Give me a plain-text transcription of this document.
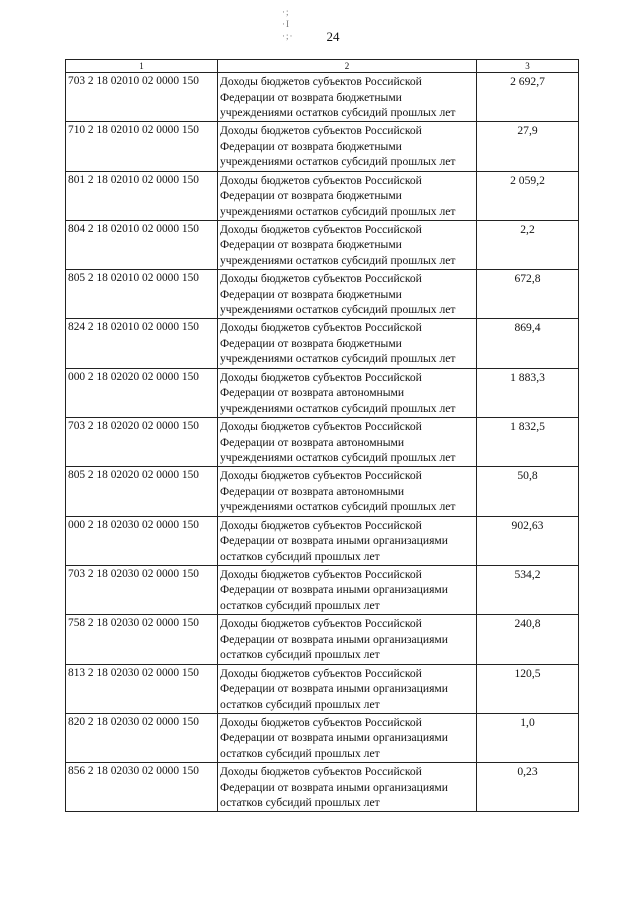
·;
·I
·;·	24
1	2	3
703 2 18 02010 02 0000 150	Доходы бюджетов субъектов Российской Федерации от возврата бюджетными учреждениями остатков субсидий прошлых лет	2 692,7
710 2 18 02010 02 0000 150	Доходы бюджетов субъектов Российской Федерации от возврата бюджетными учреждениями остатков субсидий прошлых лет	27,9
801 2 18 02010 02 0000 150	Доходы бюджетов субъектов Российской Федерации от возврата бюджетными учреждениями остатков субсидий прошлых лет	2 059,2
804 2 18 02010 02 0000 150	Доходы бюджетов субъектов Российской Федерации от возврата бюджетными учреждениями остатков субсидий прошлых лет	2,2
805 2 18 02010 02 0000 150	Доходы бюджетов субъектов Российской Федерации от возврата бюджетными учреждениями остатков субсидий прошлых лет	672,8
824 2 18 02010 02 0000 150	Доходы бюджетов субъектов Российской Федерации от возврата бюджетными учреждениями остатков субсидий прошлых лет	869,4
000 2 18 02020 02 0000 150	Доходы бюджетов субъектов Российской Федерации от возврата автономными учреждениями остатков субсидий прошлых лет	1 883,3
703 2 18 02020 02 0000 150	Доходы бюджетов субъектов Российской Федерации от возврата автономными учреждениями остатков субсидий прошлых лет	1 832,5
805 2 18 02020 02 0000 150	Доходы бюджетов субъектов Российской Федерации от возврата автономными учреждениями остатков субсидий прошлых лет	50,8
000 2 18 02030 02 0000 150	Доходы бюджетов субъектов Российской Федерации от возврата иными организациями остатков субсидий прошлых лет	902,63
703 2 18 02030 02 0000 150	Доходы бюджетов субъектов Российской Федерации от возврата иными организациями остатков субсидий прошлых лет	534,2
758 2 18 02030 02 0000 150	Доходы бюджетов субъектов Российской Федерации от возврата иными организациями остатков субсидий прошлых лет	240,8
813 2 18 02030 02 0000 150	Доходы бюджетов субъектов Российской Федерации от возврата иными организациями остатков субсидий прошлых лет	120,5
820 2 18 02030 02 0000 150	Доходы бюджетов субъектов Российской Федерации от возврата иными организациями остатков субсидий прошлых лет	1,0
856 2 18 02030 02 0000 150	Доходы бюджетов субъектов Российской Федерации от возврата иными организациями остатков субсидий прошлых лет	0,23
